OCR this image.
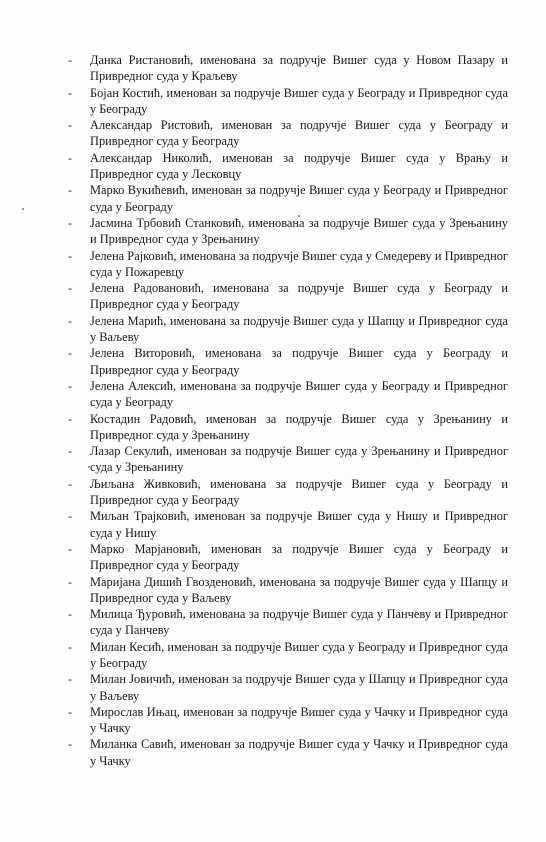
- Данка Ристановић, именована за подручје Вишег суда у Новом Пазару и Привредног суда у Краљеву
- Бојан Костић, именован за подручје Вишег суда у Београду и Привредног суда у Београду
- Александар Ристовић, именован за подручје Вишег суда у Београду и Привредног суда у Београду
- Александар Николић, именован за подручје Вишег суда у Врању и Привредног суда у Лесковцу
- Марко Вукићевић, именован за подручје Вишег суда у Београду и Привредног суда у Београду
- Јасмина Трбовић Станковић, именована за подручје Вишег суда у Зрењанину и Привредног суда у Зрењанину
- Јелена Рајковић, именована за подручје Вишег суда у Смедереву и Привредног суда у Пожаревцу
- Јелена Радовановић, именована за подручје Вишег суда у Београду и Привредног суда у Београду
- Јелена Марић, именована за подручје Вишег суда у Шапцу и Привредног суда у Ваљеву
- Јелена Виторовић, именована за подручје Вишег суда у Београду и Привредног суда у Београду
- Јелена Алексић, именована за подручје Вишег суда у Београду и Привредног суда у Београду
- Костадин Радовић, именован за подручје Вишег суда у Зрењанину и Привредног суда у Зрењанину
- Лазар Секулић, именован за подручје Вишег суда у Зрењанину и Привредног суда у Зрењанину
- Љиљана Живковић, именована за подручје Вишег суда у Београду и Привредног суда у Београду
- Миљан Трајковић, именован за подручје Вишег суда у Нишу и Привредног суда у Нишу
- Марко Марјановић, именован за подручје Вишег суда у Београду и Привредног суда у Београду
- Маријана Дишић Гвозденовић, именована за подручје Вишег суда у Шапцу и Привредног суда у Ваљеву
- Милица Ђуровић, именована за подручје Вишег суда у Панчеву и Привредног суда у Панчеву
- Милан Кесић, именован за подручје Вишег суда у Београду и Привредног суда у Београду
- Милан Јовичић, именован за подручје Вишег суда у Шапцу и Привредног суда у Ваљеву
- Мирослав Ињац, именован за подручје Вишег суда у Чачку и Привредног суда у Чачку
- Миланка Савић, именован за подручје Вишег суда у Чачку и Привредног суда у Чачку
